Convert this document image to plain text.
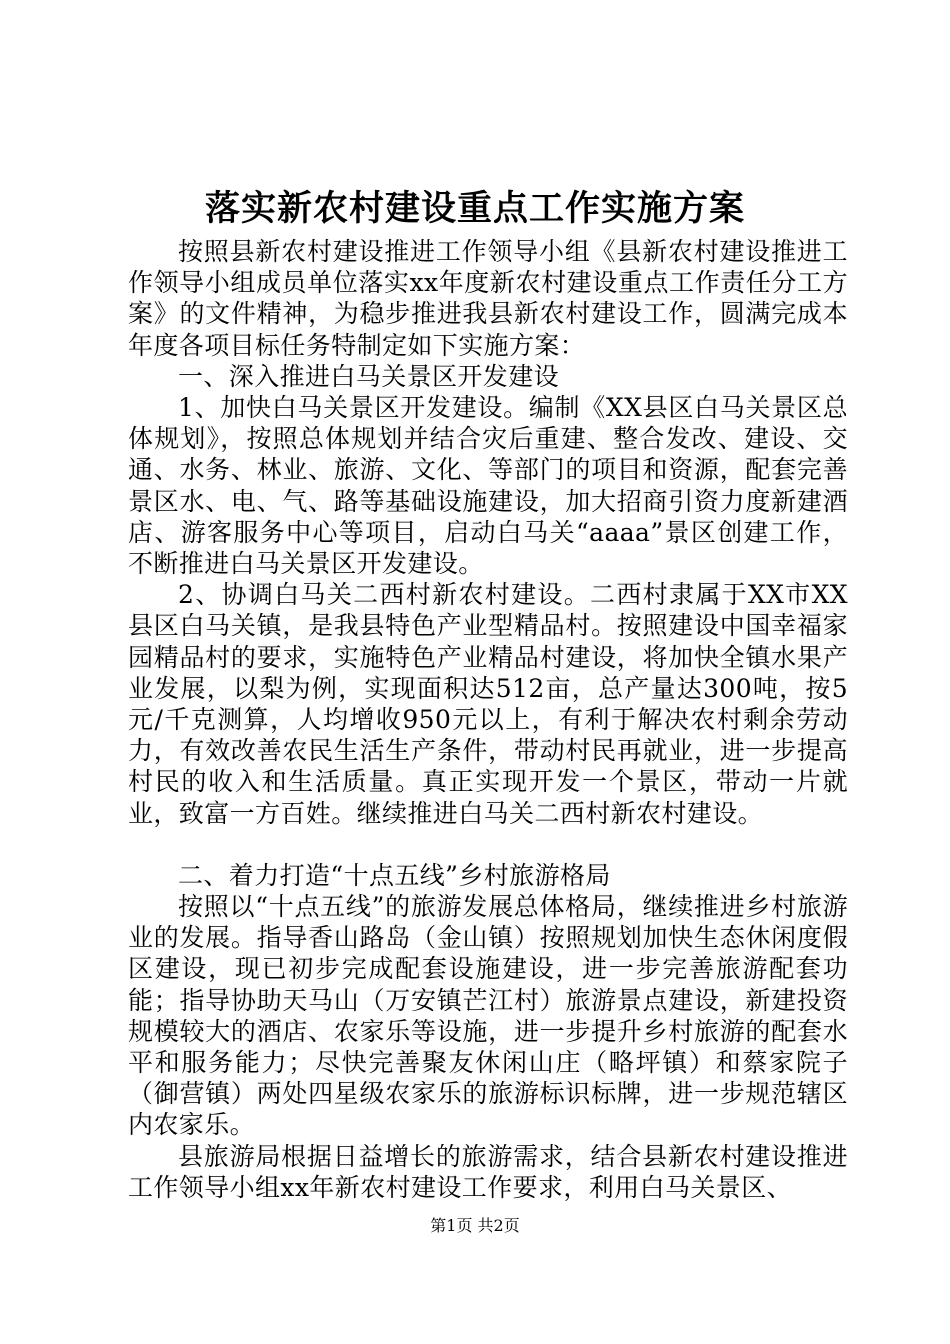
落实新农村建设重点工作实施方案

按照县新农村建设推进工作领导小组《县新农村建设推进工作领导小组成员单位落实xx年度新农村建设重点工作责任分工方案》的文件精神，为稳步推进我县新农村建设工作，圆满完成本年度各项目标任务特制定如下实施方案：

一、深入推进白马关景区开发建设

1、加快白马关景区开发建设。编制《XX县区白马关景区总体规划》，按照总体规划并结合灾后重建、整合发改、建设、交通、水务、林业、旅游、文化、等部门的项目和资源，配套完善景区水、电、气、路等基础设施建设，加大招商引资力度新建酒店、游客服务中心等项目，启动白马关“aaaa”景区创建工作，不断推进白马关景区开发建设。

2、协调白马关二西村新农村建设。二西村隶属于XX市XX县区白马关镇，是我县特色产业型精品村。按照建设中国幸福家园精品村的要求，实施特色产业精品村建设，将加快全镇水果产业发展，以梨为例，实现面积达512亩，总产量达300吨，按5元/千克测算，人均增收950元以上，有利于解决农村剩余劳动力，有效改善农民生活生产条件，带动村民再就业，进一步提高村民的收入和生活质量。真正实现开发一个景区，带动一片就业，致富一方百姓。继续推进白马关二西村新农村建设。

二、着力打造“十点五线”乡村旅游格局

按照以“十点五线”的旅游发展总体格局，继续推进乡村旅游业的发展。指导香山路岛（金山镇）按照规划加快生态休闲度假区建设，现已初步完成配套设施建设，进一步完善旅游配套功能；指导协助天马山（万安镇芒江村）旅游景点建设，新建投资规模较大的酒店、农家乐等设施，进一步提升乡村旅游的配套水平和服务能力；尽快完善聚友休闲山庄（略坪镇）和蔡家院子（御营镇）两处四星级农家乐的旅游标识标牌，进一步规范辖区内农家乐。

县旅游局根据日益增长的旅游需求，结合县新农村建设推进工作领导小组xx年新农村建设工作要求，利用白马关景区、

第1页 共2页
